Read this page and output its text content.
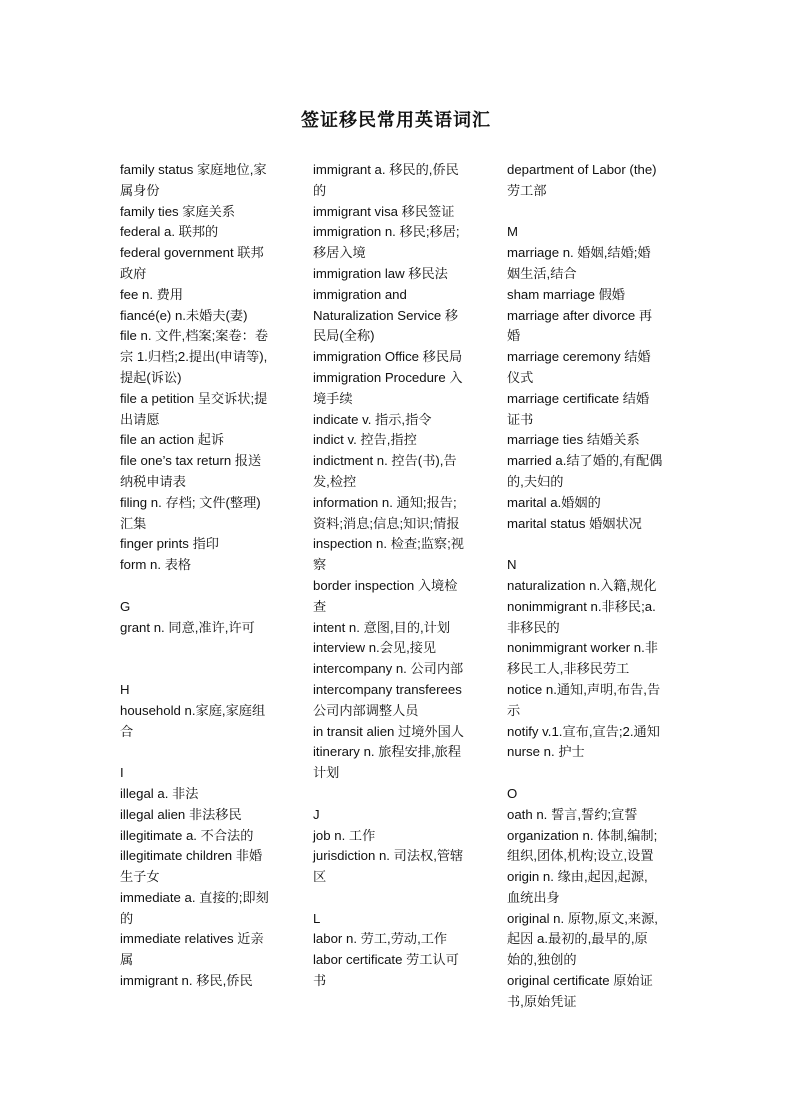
签证移民常用英语词汇
family status 家庭地位,家
属身份
family ties 家庭关系
federal a. 联邦的
federal government 联邦
政府
fee n. 费用
fiancé(e) n.未婚夫(妻)
file n. 文件,档案;案卷：卷
宗 1.归档;2.提出(申请等),
提起(诉讼)
file a petition 呈交诉状;提
出请愿
file an action 起诉
file one’s tax return 报送
纳税申请表
filing n. 存档; 文件(整理)
汇集
finger prints 指印
form n. 表格
G
grant n. 同意,准许,许可
H
household n.家庭,家庭组
合
I
illegal a. 非法
illegal alien 非法移民
illegitimate a. 不合法的
illegitimate children 非婚
生子女
immediate a. 直接的;即刻
的
immediate relatives 近亲
属
immigrant n. 移民,侨民
immigrant a. 移民的,侨民
的
immigrant visa 移民签证
immigration n. 移民;移居;
移居入境
immigration law 移民法
immigration and
Naturalization Service 移
民局(全称)
immigration Office 移民局
immigration Procedure 入
境手续
indicate v. 指示,指令
indict v. 控告,指控
indictment n. 控告(书),告
发,检控
information n. 通知;报告;
资料;消息;信息;知识;情报
inspection n. 检查;监察;视
察
border inspection 入境检
查
intent n. 意图,目的,计划
interview n.会见,接见
intercompany n. 公司内部
intercompany transferees
公司内部调整人员
in transit alien 过境外国人
itinerary n. 旅程安排,旅程
计划
J
job n. 工作
jurisdiction n. 司法权,管辖
区
L
labor n. 劳工,劳动,工作
labor certificate 劳工认可
书
department of Labor (the)
劳工部
M
marriage n. 婚姻,结婚;婚
姻生活,结合
sham marriage 假婚
marriage after divorce 再
婚
marriage ceremony 结婚
仪式
marriage certificate 结婚
证书
marriage ties 结婚关系
married a.结了婚的,有配偶
的,夫妇的
marital a.婚姻的
marital status 婚姻状况
N
naturalization n.入籍,规化
nonimmigrant n.非移民;a.
非移民的
nonimmigrant worker n.非
移民工人,非移民劳工
notice n.通知,声明,布告,告
示
notify v.1.宣布,宣告;2.通知
nurse n. 护士
O
oath n. 誓言,誓约;宣誓
organization n. 体制,编制;
组织,团体,机构;设立,设置
origin n. 缘由,起因,起源,
血统出身
original n. 原物,原文,来源,
起因 a.最初的,最早的,原
始的,独创的
original certificate 原始证
书,原始凭证
